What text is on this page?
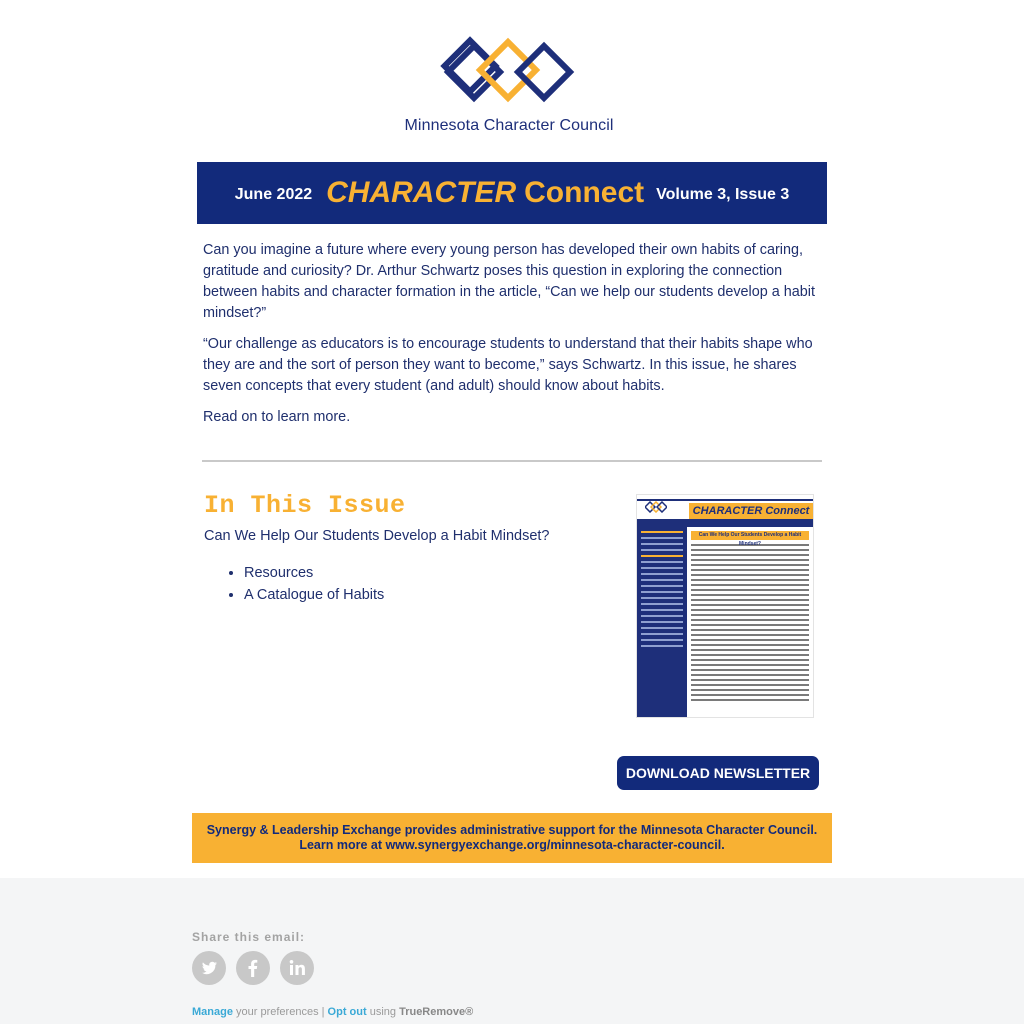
Minnesota Character Council
June 2022 CHARACTER Connect Volume 3, Issue 3

Can you imagine a future where every young person has developed their own habits of caring, gratitude and curiosity? Dr. Arthur Schwartz poses this question in exploring the connection between habits and character formation in the article, “Can we help our students develop a habit mindset?”

“Our challenge as educators is to encourage students to understand that their habits shape who they are and the sort of person they want to become,” says Schwartz. In this issue, he shares seven concepts that every student (and adult) should know about habits.

Read on to learn more.

In This Issue
Can We Help Our Students Develop a Habit Mindset?
• Resources
• A Catalogue of Habits
CHARACTER Connect
Can We Help Our Students Develop a Habit Mindset?
DOWNLOAD NEWSLETTER
Synergy & Leadership Exchange provides administrative support for the Minnesota Character Council.
Learn more at www.synergyexchange.org/minnesota-character-council.
Share this email:
Manage your preferences | Opt out using TrueRemove®
